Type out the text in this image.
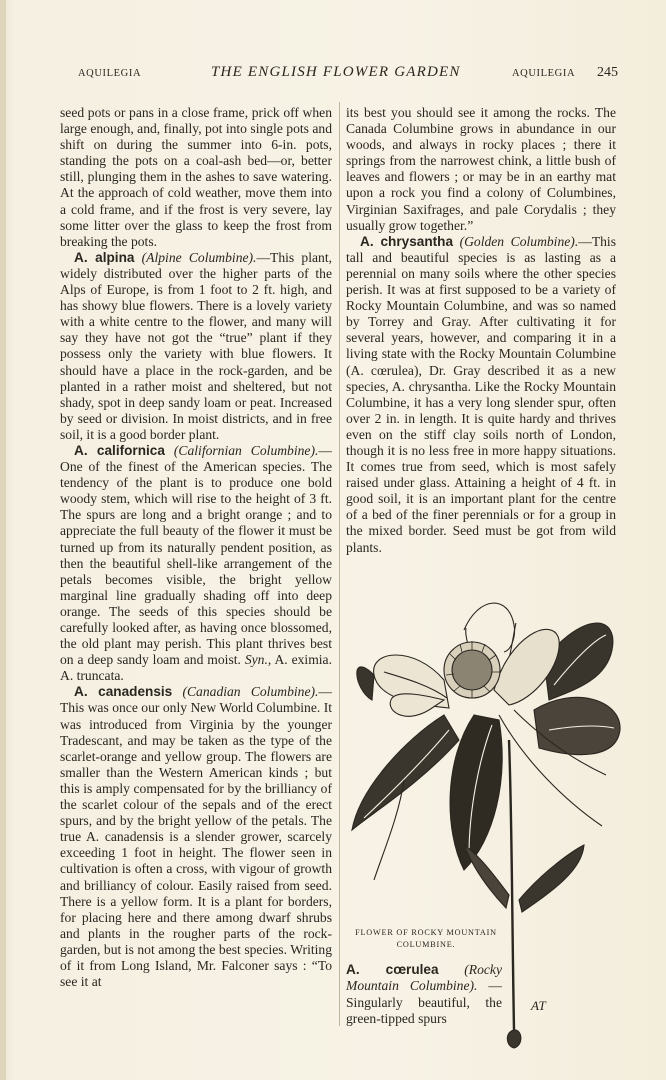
AQUILEGIA	THE ENGLISH FLOWER GARDEN	AQUILEGIA 245

seed pots or pans in a close frame, prick off when large enough, and, finally, pot into single pots and shift on during the summer into 6-in. pots, standing the pots on a coal-ash bed—or, better still, plunging them in the ashes to save watering. At the approach of cold weather, move them into a cold frame, and if the frost is very severe, lay some litter over the glass to keep the frost from breaking the pots.

A. alpina (Alpine Columbine).—This plant, widely distributed over the higher parts of the Alps of Europe, is from 1 foot to 2 ft. high, and has showy blue flowers. There is a lovely variety with a white centre to the flower, and many will say they have not got the “true” plant if they possess only the variety with blue flowers. It should have a place in the rock-garden, and be planted in a rather moist and sheltered, but not shady, spot in deep sandy loam or peat. Increased by seed or division. In moist districts, and in free soil, it is a good border plant.

A. californica (Californian Columbine).—One of the finest of the American species. The tendency of the plant is to produce one bold woody stem, which will rise to the height of 3 ft. The spurs are long and a bright orange ; and to appreciate the full beauty of the flower it must be turned up from its naturally pendent position, as then the beautiful shell-like arrangement of the petals becomes visible, the bright yellow marginal line gradually shading off into deep orange. The seeds of this species should be carefully looked after, as having once blossomed, the old plant may perish. This plant thrives best on a deep sandy loam and moist. Syn., A. eximia. A. truncata.

A. canadensis (Canadian Columbine).—This was once our only New World Columbine. It was introduced from Virginia by the younger Tradescant, and may be taken as the type of the scarlet-orange and yellow group. The flowers are smaller than the Western American kinds ; but this is amply compensated for by the brilliancy of the scarlet colour of the sepals and of the erect spurs, and by the bright yellow of the petals. The true A. canadensis is a slender grower, scarcely exceeding 1 foot in height. The flower seen in cultivation is often a cross, with vigour of growth and brilliancy of colour. Easily raised from seed. There is a yellow form. It is a plant for borders, for placing here and there among dwarf shrubs and plants in the rougher parts of the rock-garden, but is not among the best species. Writing of it from Long Island, Mr. Falconer says : “To see it at

its best you should see it among the rocks. The Canada Columbine grows in abundance in our woods, and always in rocky places ; there it springs from the narrowest chink, a little bush of leaves and flowers ; or may be in an earthy mat upon a rock you find a colony of Columbines, Virginian Saxifrages, and pale Corydalis ; they usually grow together.”

A. chrysantha (Golden Columbine).—This tall and beautiful species is as lasting as a perennial on many soils where the other species perish. It was at first supposed to be a variety of Rocky Mountain Columbine, and was so named by Torrey and Gray. After cultivating it for several years, however, and comparing it in a living state with the Rocky Mountain Columbine (A. cœrulea), Dr. Gray described it as a new species, A. chrysantha. Like the Rocky Mountain Columbine, it has a very long slender spur, often over 2 in. in length. It is quite hardy and thrives even on the stiff clay soils north of London, though it is no less free in more happy situations. It comes true from seed, which is most safely raised under glass. Attaining a height of 4 ft. in good soil, it is an important plant for the centre of a bed of the finer perennials or for a group in the mixed border. Seed must be got from wild plants.

FLOWER OF ROCKY MOUNTAIN COLUMBINE.
A. cœrulea (Rocky Mountain Columbine). — Singularly beautiful, the green-tipped spurs
AT
